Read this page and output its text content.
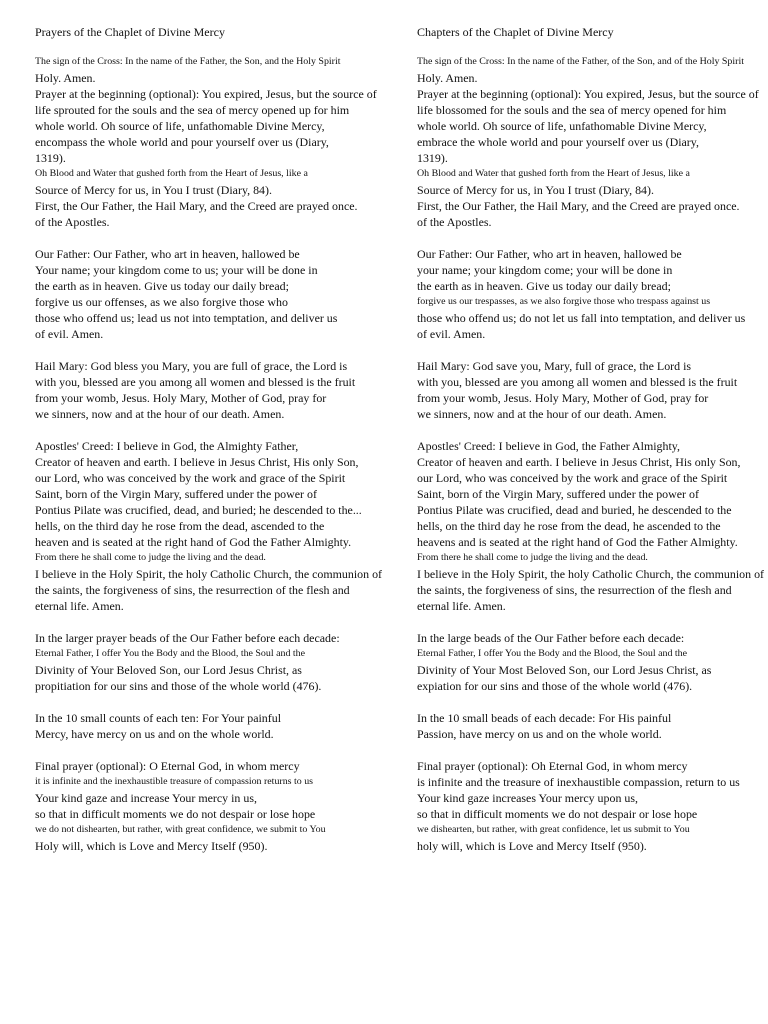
Prayers of the Chaplet of Divine Mercy
The sign of the Cross: In the name of the Father, the Son, and the Holy Spirit
Holy. Amen.
Prayer at the beginning (optional): You expired, Jesus, but the source of
life sprouted for the souls and the sea of mercy opened up for him
whole world. Oh source of life, unfathomable Divine Mercy,
encompass the whole world and pour yourself over us (Diary,
1319).
Oh Blood and Water that gushed forth from the Heart of Jesus, like a
Source of Mercy for us, in You I trust (Diary, 84).
First, the Our Father, the Hail Mary, and the Creed are prayed once.
of the Apostles.
Our Father: Our Father, who art in heaven, hallowed be
Your name; your kingdom come to us; your will be done in
the earth as in heaven. Give us today our daily bread;
forgive us our offenses, as we also forgive those who
those who offend us; lead us not into temptation, and deliver us
of evil. Amen.
Hail Mary: God bless you Mary, you are full of grace, the Lord is
with you, blessed are you among all women and blessed is the fruit
from your womb, Jesus. Holy Mary, Mother of God, pray for
we sinners, now and at the hour of our death. Amen.
Apostles' Creed: I believe in God, the Almighty Father,
Creator of heaven and earth. I believe in Jesus Christ, His only Son,
our Lord, who was conceived by the work and grace of the Spirit
Saint, born of the Virgin Mary, suffered under the power of
Pontius Pilate was crucified, dead, and buried; he descended to the...
hells, on the third day he rose from the dead, ascended to the
heaven and is seated at the right hand of God the Father Almighty.
From there he shall come to judge the living and the dead.
I believe in the Holy Spirit, the holy Catholic Church, the communion of
the saints, the forgiveness of sins, the resurrection of the flesh and
eternal life. Amen.
In the larger prayer beads of the Our Father before each decade:
Eternal Father, I offer You the Body and the Blood, the Soul and the
Divinity of Your Beloved Son, our Lord Jesus Christ, as
propitiation for our sins and those of the whole world (476).
In the 10 small counts of each ten: For Your painful
Mercy, have mercy on us and on the whole world.
Final prayer (optional): O Eternal God, in whom mercy
it is infinite and the inexhaustible treasure of compassion returns to us
Your kind gaze and increase Your mercy in us,
so that in difficult moments we do not despair or lose hope
we do not dishearten, but rather, with great confidence, we submit to You
Holy will, which is Love and Mercy Itself (950).
Chapters of the Chaplet of Divine Mercy
The sign of the Cross: In the name of the Father, of the Son, and of the Holy Spirit
Holy. Amen.
Prayer at the beginning (optional): You expired, Jesus, but the source of
life blossomed for the souls and the sea of mercy opened for him
whole world. Oh source of life, unfathomable Divine Mercy,
embrace the whole world and pour yourself over us (Diary,
1319).
Oh Blood and Water that gushed forth from the Heart of Jesus, like a
Source of Mercy for us, in You I trust (Diary, 84).
First, the Our Father, the Hail Mary, and the Creed are prayed once.
of the Apostles.
Our Father: Our Father, who art in heaven, hallowed be
your name; your kingdom come; your will be done in
the earth as in heaven. Give us today our daily bread;
forgive us our trespasses, as we also forgive those who trespass against us
those who offend us; do not let us fall into temptation, and deliver us
of evil. Amen.
Hail Mary: God save you, Mary, full of grace, the Lord is
with you, blessed are you among all women and blessed is the fruit
from your womb, Jesus. Holy Mary, Mother of God, pray for
we sinners, now and at the hour of our death. Amen.
Apostles' Creed: I believe in God, the Father Almighty,
Creator of heaven and earth. I believe in Jesus Christ, His only Son,
our Lord, who was conceived by the work and grace of the Spirit
Saint, born of the Virgin Mary, suffered under the power of
Pontius Pilate was crucified, dead and buried, he descended to the
hells, on the third day he rose from the dead, he ascended to the
heavens and is seated at the right hand of God the Father Almighty.
From there he shall come to judge the living and the dead.
I believe in the Holy Spirit, the holy Catholic Church, the communion of
the saints, the forgiveness of sins, the resurrection of the flesh and
eternal life. Amen.
In the large beads of the Our Father before each decade:
Eternal Father, I offer You the Body and the Blood, the Soul and the
Divinity of Your Most Beloved Son, our Lord Jesus Christ, as
expiation for our sins and those of the whole world (476).
In the 10 small beads of each decade: For His painful
Passion, have mercy on us and on the whole world.
Final prayer (optional): Oh Eternal God, in whom mercy
is infinite and the treasure of inexhaustible compassion, return to us
Your kind gaze increases Your mercy upon us,
so that in difficult moments we do not despair or lose hope
we dishearten, but rather, with great confidence, let us submit to You
holy will, which is Love and Mercy Itself (950).
